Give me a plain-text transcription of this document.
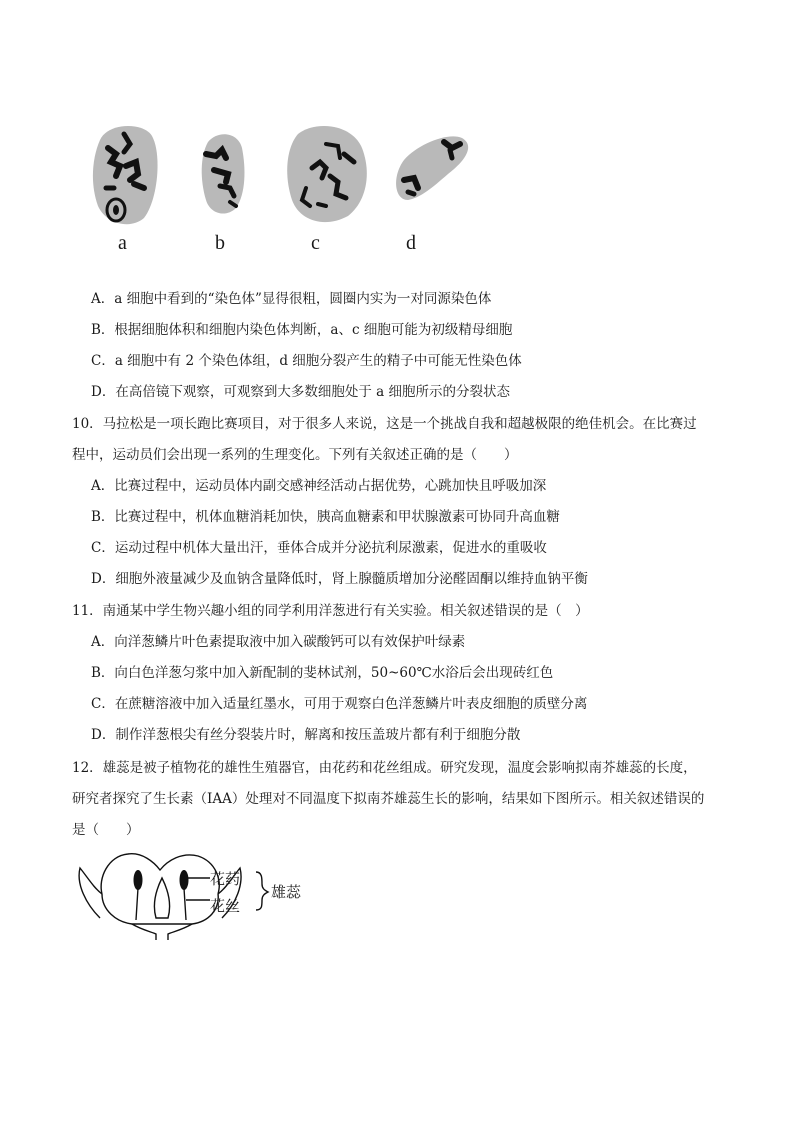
a	b	c	d
A．a 细胞中看到的“染色体”显得很粗，圆圈内实为一对同源染色体
B．根据细胞体积和细胞内染色体判断，a、c 细胞可能为初级精母细胞
C．a 细胞中有 2 个染色体组，d 细胞分裂产生的精子中可能无性染色体
D．在高倍镜下观察，可观察到大多数细胞处于 a 细胞所示的分裂状态
10．马拉松是一项长跑比赛项目，对于很多人来说，这是一个挑战自我和超越极限的绝佳机会。在比赛过
程中，运动员们会出现一系列的生理变化。下列有关叙述正确的是（　　）
A．比赛过程中，运动员体内副交感神经活动占据优势，心跳加快且呼吸加深
B．比赛过程中，机体血糖消耗加快，胰高血糖素和甲状腺激素可协同升高血糖
C．运动过程中机体大量出汗，垂体合成并分泌抗利尿激素，促进水的重吸收
D．细胞外液量减少及血钠含量降低时，肾上腺髓质增加分泌醛固酮以维持血钠平衡
11．南通某中学生物兴趣小组的同学利用洋葱进行有关实验。相关叙述错误的是（　）
A．向洋葱鳞片叶色素提取液中加入碳酸钙可以有效保护叶绿素
B．向白色洋葱匀浆中加入新配制的斐林试剂，50~60℃水浴后会出现砖红色
C．在蔗糖溶液中加入适量红墨水，可用于观察白色洋葱鳞片叶表皮细胞的质壁分离
D．制作洋葱根尖有丝分裂装片时，解离和按压盖玻片都有利于细胞分散
12．雄蕊是被子植物花的雄性生殖器官，由花药和花丝组成。研究发现，温度会影响拟南芥雄蕊的长度，
研究者探究了生长素（IAA）处理对不同温度下拟南芥雄蕊生长的影响，结果如下图所示。相关叙述错误的
是（　　）
花药
花丝
雄蕊
